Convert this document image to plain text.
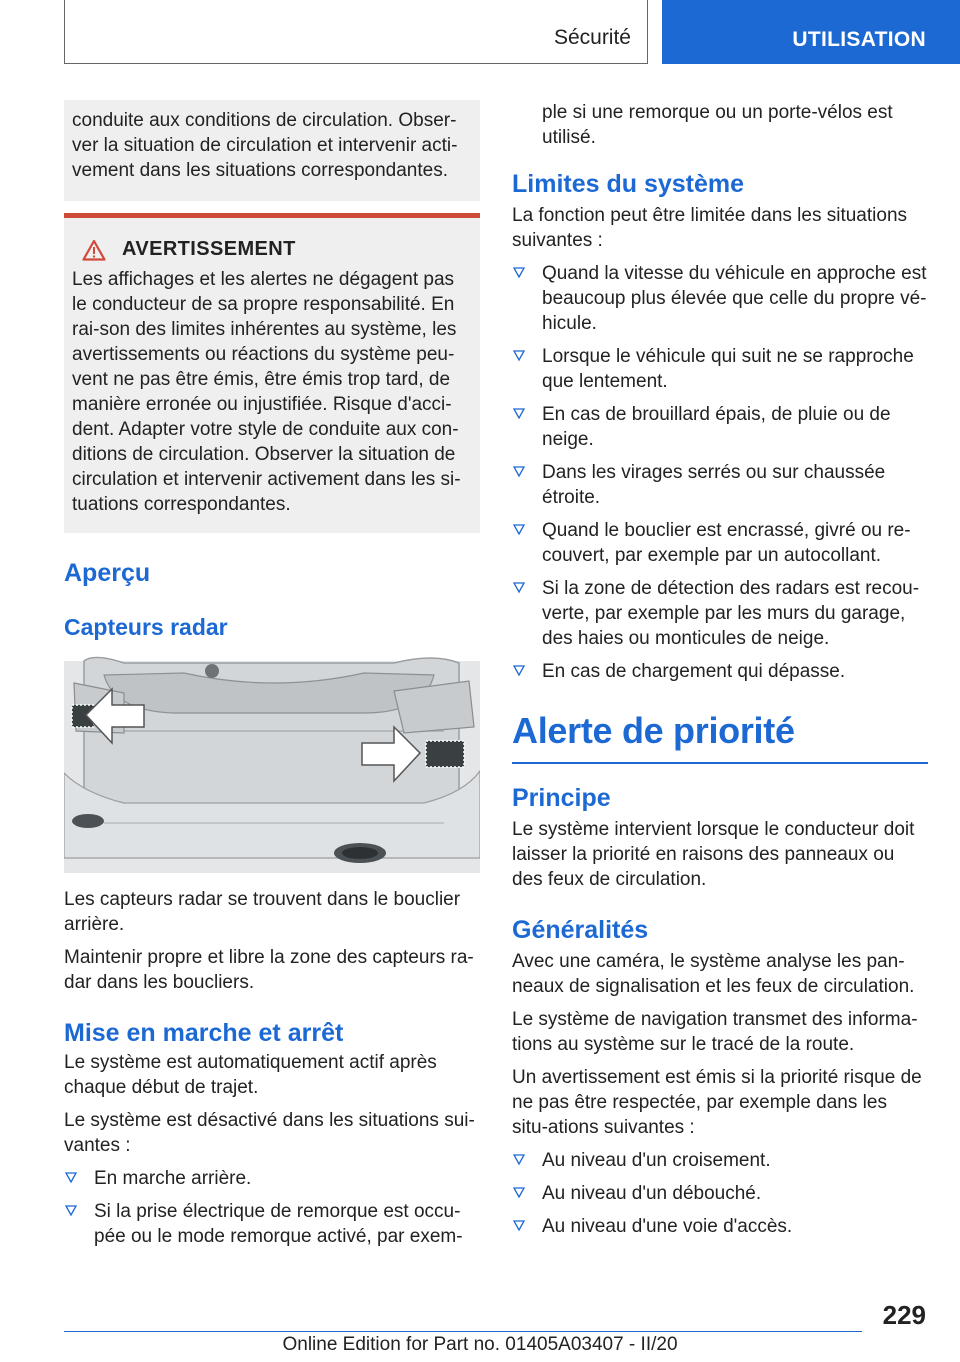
Sécurité	UTILISATION

conduite aux conditions de circulation. Obser-
ver la situation de circulation et intervenir acti-
vement dans les situations correspondantes.

AVERTISSEMENT

Les affichages et les alertes ne dégagent pas le conducteur de sa propre responsabilité. En rai-son des limites inhérentes au système, les avertissements ou réactions du système peu-vent ne pas être émis, être émis trop tard, de manière erronée ou injustifiée. Risque d'acci-dent. Adapter votre style de conduite aux con-ditions de circulation. Observer la situation de circulation et intervenir activement dans les si-tuations correspondantes.

Aperçu
Capteurs radar

Les capteurs radar se trouvent dans le bouclier arrière.

Maintenir propre et libre la zone des capteurs ra-dar dans les boucliers.

Mise en marche et arrêt

Le système est automatiquement actif après chaque début de trajet.

Le système est désactivé dans les situations sui-vantes :

En marche arrière.
Si la prise électrique de remorque est occu-pée ou le mode remorque activé, par exem-

ple si une remorque ou un porte-vélos est utilisé.

Limites du système

La fonction peut être limitée dans les situations suivantes :

Quand la vitesse du véhicule en approche est beaucoup plus élevée que celle du propre vé-hicule.
Lorsque le véhicule qui suit ne se rapproche que lentement.
En cas de brouillard épais, de pluie ou de neige.
Dans les virages serrés ou sur chaussée étroite.
Quand le bouclier est encrassé, givré ou re-couvert, par exemple par un autocollant.
Si la zone de détection des radars est recou-verte, par exemple par les murs du garage, des haies ou monticules de neige.
En cas de chargement qui dépasse.
Alerte de priorité
Principe

Le système intervient lorsque le conducteur doit laisser la priorité en raisons des panneaux ou des feux de circulation.

Généralités

Avec une caméra, le système analyse les pan-neaux de signalisation et les feux de circulation.

Le système de navigation transmet des informa-tions au système sur le tracé de la route.

Un avertissement est émis si la priorité risque de ne pas être respectée, par exemple dans les situ-ations suivantes :

Au niveau d'un croisement.
Au niveau d'un débouché.
Au niveau d'une voie d'accès.
229
Online Edition for Part no. 01405A03407 - II/20
